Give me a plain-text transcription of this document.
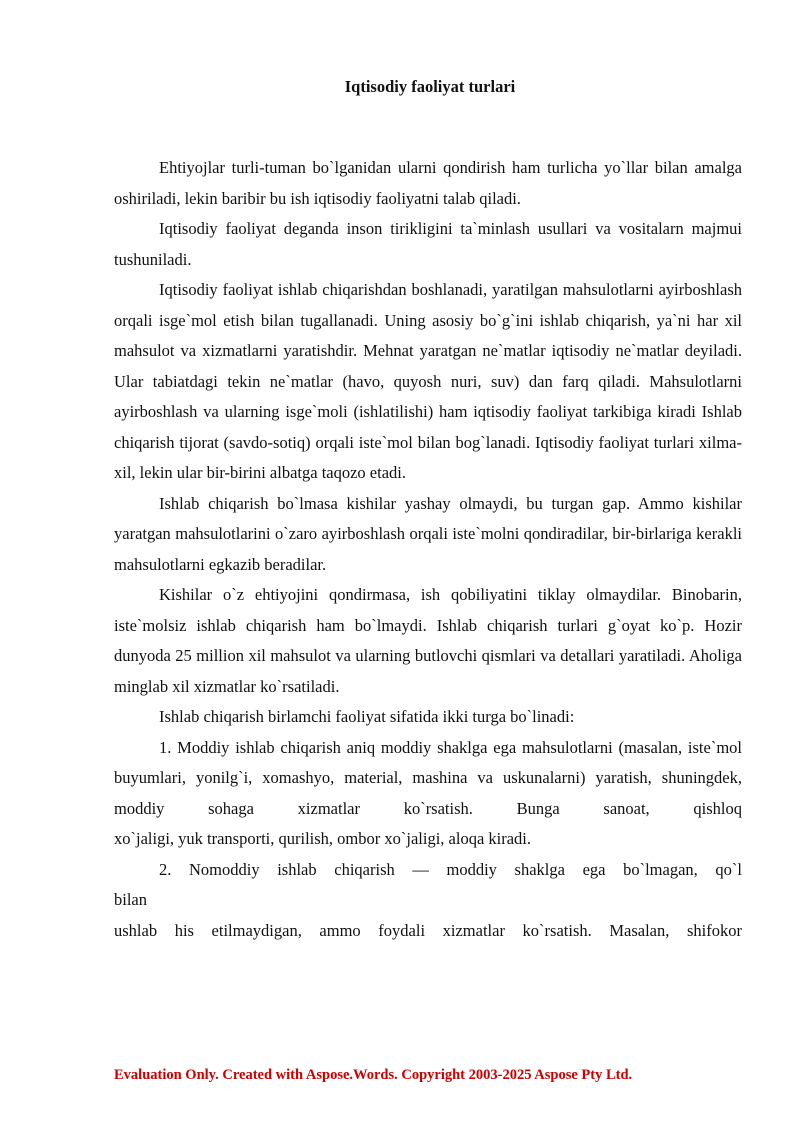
Iqtisodiy faoliyat turlari

Ehtiyojlar turli-tuman bo`lganidan ularni qondirish ham turlicha yo`llar bilan amalga oshiriladi, lekin baribir bu ish iqtisodiy faoliyatni talab qiladi.

Iqtisodiy faoliyat deganda inson tirikligini ta`minlash usullari va vositalarn majmui tushuniladi.

Iqtisodiy faoliyat ishlab chiqarishdan boshlanadi, yaratilgan mahsulotlarni ayirboshlash orqali isge`mol etish bilan tugallanadi. Uning asosiy bo`g`ini ishlab chiqarish, ya`ni har xil mahsulot va xizmatlarni yaratishdir. Mehnat yaratgan ne`matlar iqtisodiy ne`matlar deyiladi. Ular tabiatdagi tekin ne`matlar (havo, quyosh nuri, suv) dan farq qiladi. Mahsulotlarni ayirboshlash va ularning isge`moli (ishlatilishi) ham iqtisodiy faoliyat tarkibiga kiradi Ishlab chiqarish tijorat (savdo-sotiq) orqali iste`mol bilan bog`lanadi. Iqtisodiy faoliyat turlari xilma-xil, lekin ular bir-birini albatga taqozo etadi.

Ishlab chiqarish bo`lmasa kishilar yashay olmaydi, bu turgan gap. Ammo kishilar yaratgan mahsulotlarini o`zaro ayirboshlash orqali iste`molni qondiradilar, bir-birlariga kerakli mahsulotlarni egkazib beradilar.

Kishilar o`z ehtiyojini qondirmasa, ish qobiliyatini tiklay olmaydilar. Binobarin, iste`molsiz ishlab chiqarish ham bo`lmaydi. Ishlab chiqarish turlari g`oyat ko`p. Hozir dunyoda 25 million xil mahsulot va ularning butlovchi qismlari va detallari yaratiladi. Aholiga minglab xil xizmatlar ko`rsatiladi.

Ishlab chiqarish birlamchi faoliyat sifatida ikki turga bo`linadi:

1. Moddiy ishlab chiqarish aniq moddiy shaklga ega mahsulotlarni (masalan, iste`mol buyumlari, yonilg`i, xomashyo, material, mashina va uskunalarni) yaratish, shuningdek, moddiy sohaga xizmatlar ko`rsatish. Bunga sanoat, qishloq

xo`jaligi, yuk transporti, qurilish, ombor xo`jaligi, aloqa kiradi.

2. Nomoddiy ishlab chiqarish — moddiy shaklga ega bo`lmagan, qo`l

bilan

ushlab his etilmaydigan, ammo foydali xizmatlar ko`rsatish. Masalan, shifokor

Evaluation Only. Created with Aspose.Words. Copyright 2003-2025 Aspose Pty Ltd.
